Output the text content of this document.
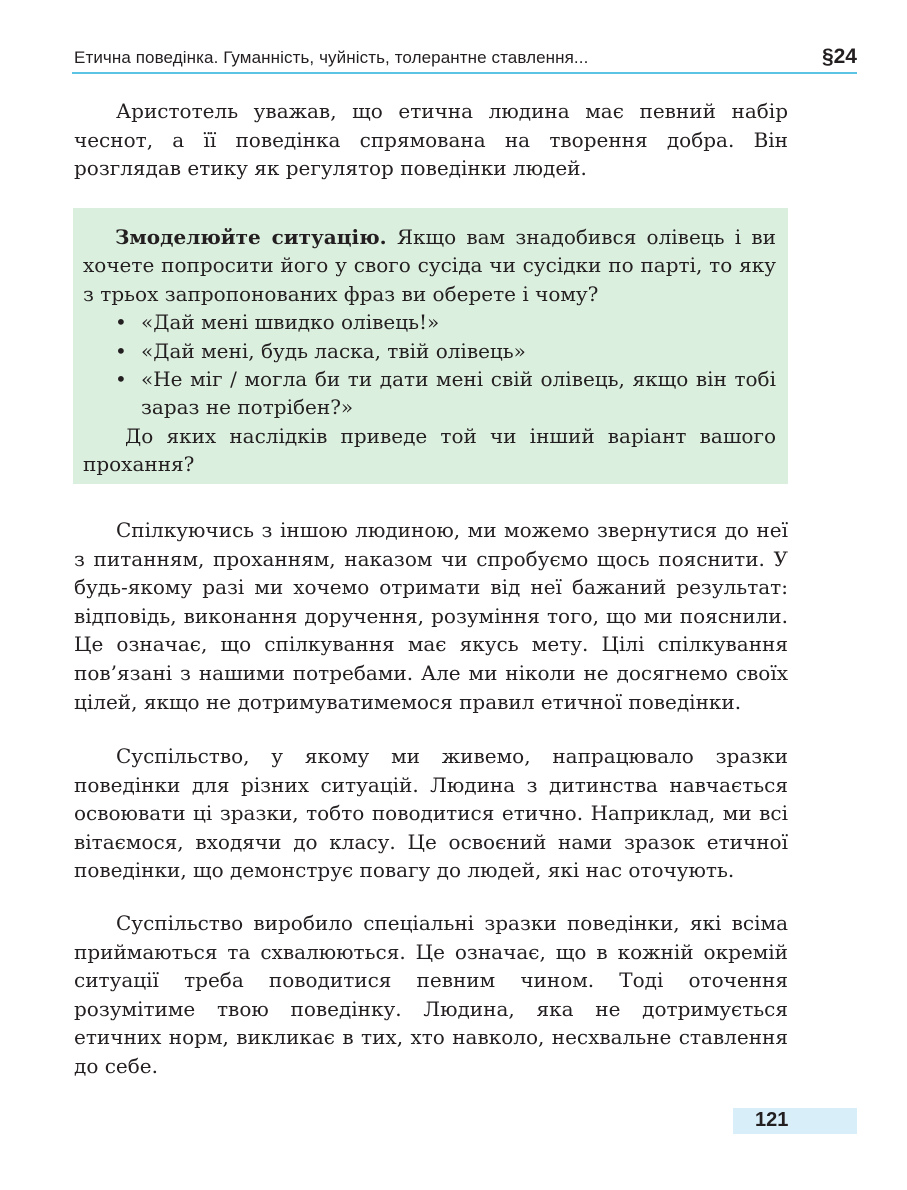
Етична поведінка. Гуманність, чуйність, толерантне ставлення...	§24

Аристотель уважав, що етична людина має певний набір чеснот, а її поведінка спрямована на творення добра. Він розглядав етику як регулятор поведінки людей.

Змоделюйте ситуацію. Якщо вам знадобився олівець і ви хочете попросити його у свого сусіда чи сусідки по парті, то яку з трьох запропонованих фраз ви оберете і чому?

• «Дай мені швидко олівець!»
• «Дай мені, будь ласка, твій олівець»
• «Не міг / могла би ти дати мені свій олівець, якщо він тобі зараз не потрібен?»

До яких наслідків приведе той чи інший варіант вашого прохання?

Спілкуючись з іншою людиною, ми можемо звернутися до неї з питанням, проханням, наказом чи спробуємо щось пояснити. У будь-якому разі ми хочемо отримати від неї бажаний результат: відповідь, виконання доручення, розуміння того, що ми пояснили. Це означає, що спілкування має якусь мету. Цілі спілкування пов’язані з нашими потребами. Але ми ніколи не досягнемо своїх цілей, якщо не дотримуватимемося правил етичної поведінки.

Суспільство, у якому ми живемо, напрацювало зразки поведінки для різних ситуацій. Людина з дитинства навчається освоювати ці зразки, тобто поводитися етично. Наприклад, ми всі вітаємося, входячи до класу. Це освоєний нами зразок етичної поведінки, що демонструє повагу до людей, які нас оточують.

Суспільство виробило спеціальні зразки поведінки, які всіма приймаються та схвалюються. Це означає, що в кожній окремій ситуації треба поводитися певним чином. Тоді оточення розумітиме твою поведінку. Людина, яка не дотримується етичних норм, викликає в тих, хто навколо, несхвальне ставлення до себе.

121
